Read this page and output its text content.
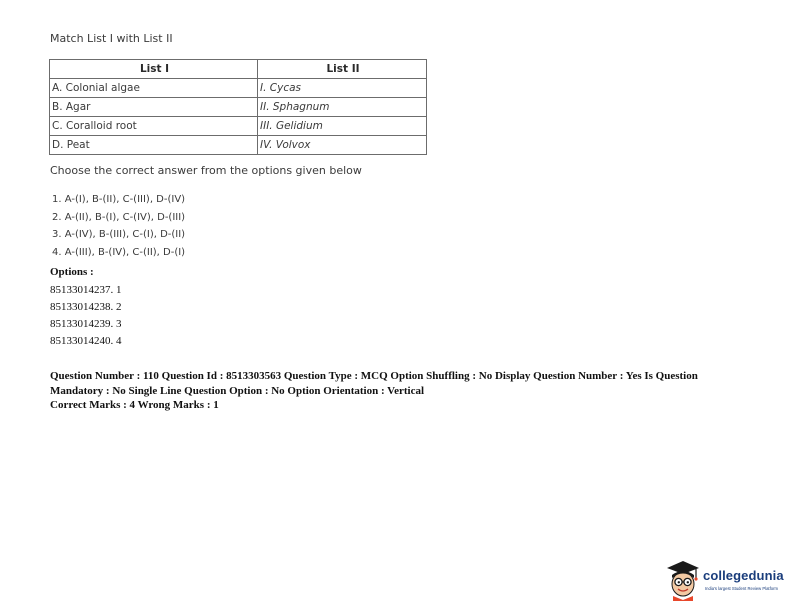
Match List I with List II
List I	List II
A. Colonial algae	I. Cycas
B. Agar	II. Sphagnum
C. Coralloid root	III. Gelidium
D. Peat	IV. Volvox
Choose the correct answer from the options given below
1. A-(I), B-(II), C-(III), D-(IV)
2. A-(II), B-(I), C-(IV), D-(III)
3. A-(IV), B-(III), C-(I), D-(II)
4. A-(III), B-(IV), C-(II), D-(I)
Options :
85133014237. 1
85133014238. 2
85133014239. 3
85133014240. 4
Question Number : 110 Question Id : 8513303563 Question Type : MCQ Option Shuffling : No Display Question Number : Yes Is Question Mandatory : No Single Line Question Option : No Option Orientation : Vertical
Correct Marks : 4 Wrong Marks : 1
collegedunia
India's largest Student Review Platform
